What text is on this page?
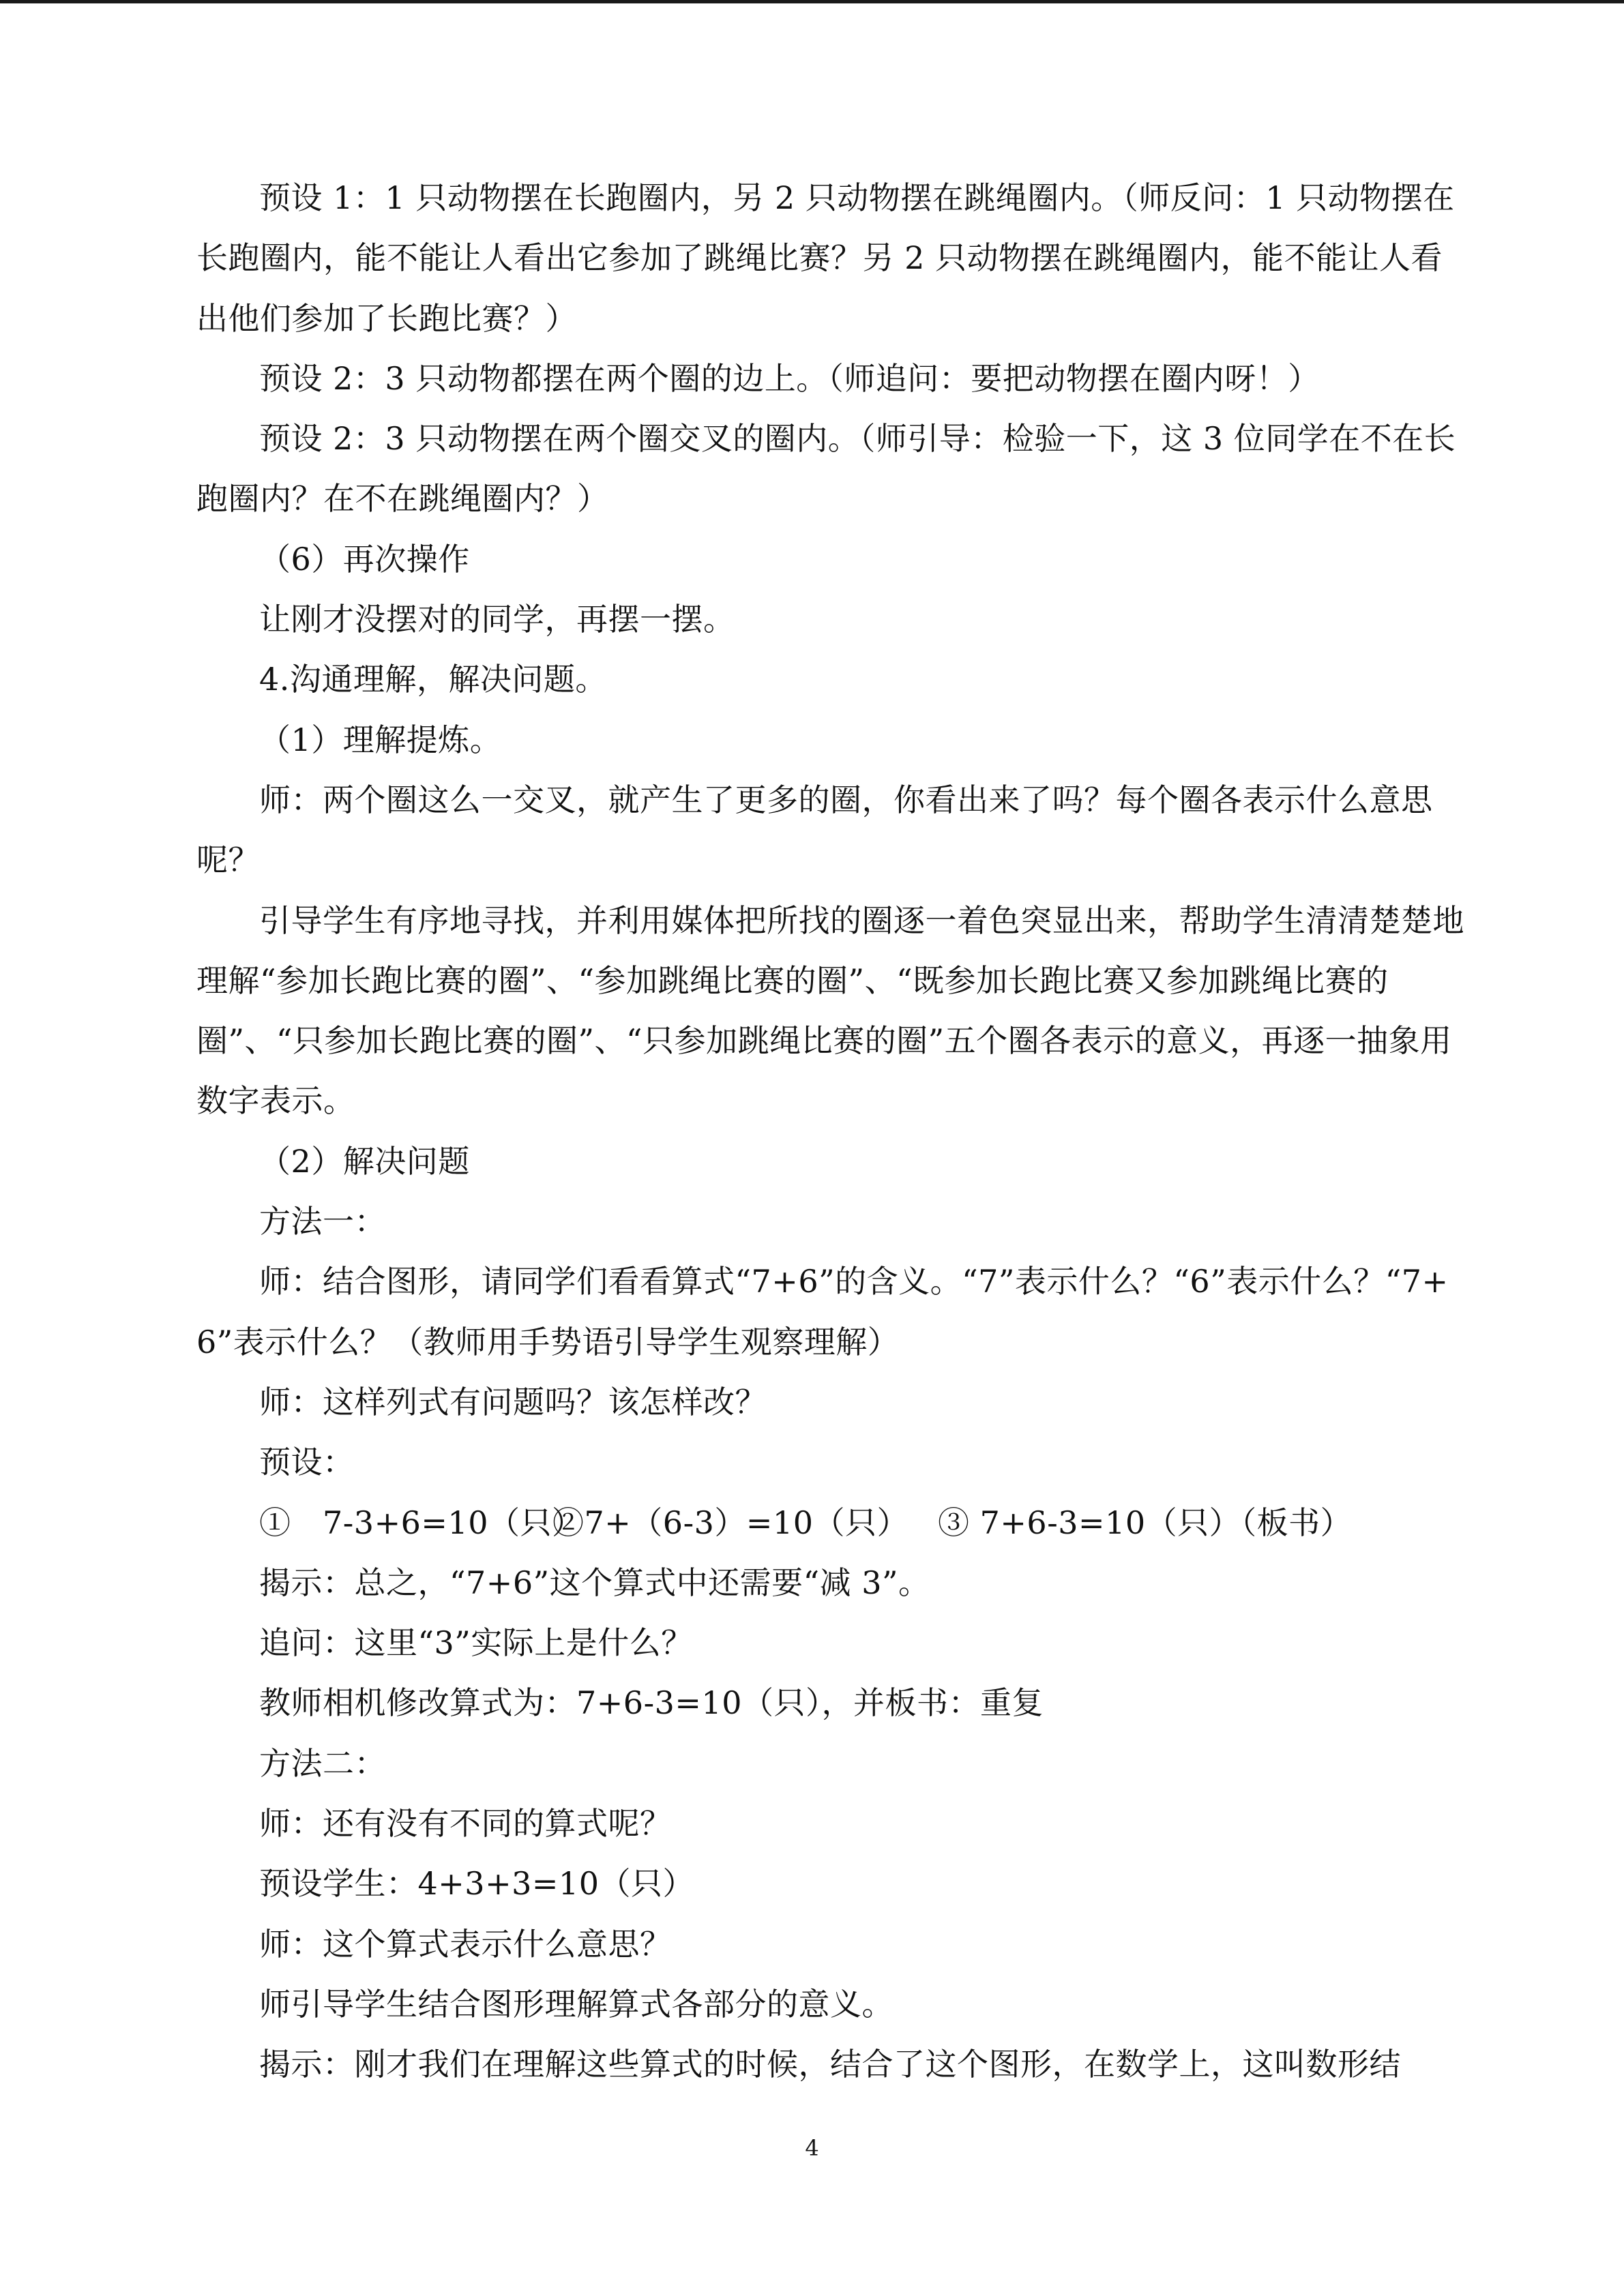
预设 1：1 只动物摆在长跑圈内，另 2 只动物摆在跳绳圈内。（师反问：1 只动物摆在长跑圈内，能不能让人看出它参加了跳绳比赛？另 2 只动物摆在跳绳圈内，能不能让人看出他们参加了长跑比赛？）

预设 2：3 只动物都摆在两个圈的边上。（师追问：要把动物摆在圈内呀！）

预设 2：3 只动物摆在两个圈交叉的圈内。（师引导：检验一下，这 3 位同学在不在长跑圈内？在不在跳绳圈内？）

（6）再次操作

让刚才没摆对的同学，再摆一摆。

4.沟通理解，解决问题。

（1）理解提炼。

师：两个圈这么一交叉，就产生了更多的圈，你看出来了吗？每个圈各表示什么意思呢？

引导学生有序地寻找，并利用媒体把所找的圈逐一着色突显出来，帮助学生清清楚楚地理解“参加长跑比赛的圈”、“参加跳绳比赛的圈”、“既参加长跑比赛又参加跳绳比赛的圈”、“只参加长跑比赛的圈”、“只参加跳绳比赛的圈”五个圈各表示的意义，再逐一抽象用数字表示。

（2）解决问题

方法一：

师：结合图形，请同学们看看算式“7+6”的含义。“7”表示什么？“6”表示什么？“7+6”表示什么？（教师用手势语引导学生观察理解）

师：这样列式有问题吗？该怎样改？

预设：

①　7-3+6=10（只）②7+（6-3）=10（只） ③ 7+6-3=10（只）（板书）

揭示：总之，“7+6”这个算式中还需要“减 3”。

追问：这里“3”实际上是什么？

教师相机修改算式为：7+6-3=10（只），并板书：重复

方法二：

师：还有没有不同的算式呢？

预设学生：4+3+3=10（只）

师：这个算式表示什么意思？

师引导学生结合图形理解算式各部分的意义。

揭示：刚才我们在理解这些算式的时候，结合了这个图形，在数学上，这叫数形结

4
